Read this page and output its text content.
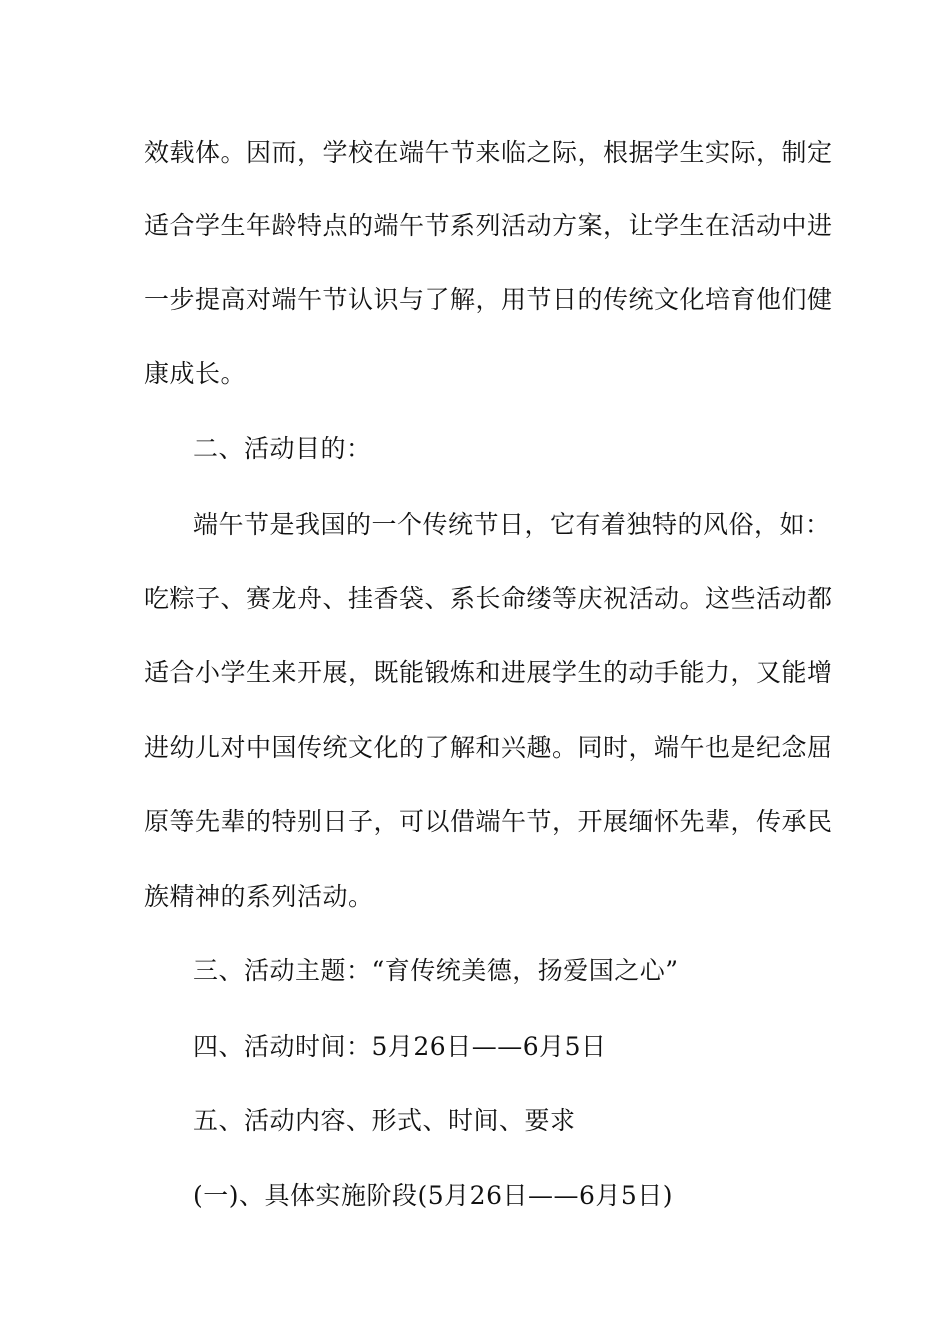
效载体。因而，学校在端午节来临之际，根据学生实际，制定
适合学生年龄特点的端午节系列活动方案，让学生在活动中进
一步提高对端午节认识与了解，用节日的传统文化培育他们健
康成长。
二、活动目的：
端午节是我国的一个传统节日，它有着独特的风俗，如：
吃粽子、赛龙舟、挂香袋、系长命缕等庆祝活动。这些活动都
适合小学生来开展，既能锻炼和进展学生的动手能力，又能增
进幼儿对中国传统文化的了解和兴趣。同时，端午也是纪念屈
原等先辈的特别日子，可以借端午节，开展缅怀先辈，传承民
族精神的系列活动。
三、活动主题：“育传统美德，扬爱国之心”
四、活动时间：5月26日——6月5日
五、活动内容、形式、时间、要求
(一)、具体实施阶段(5月26日——6月5日)
